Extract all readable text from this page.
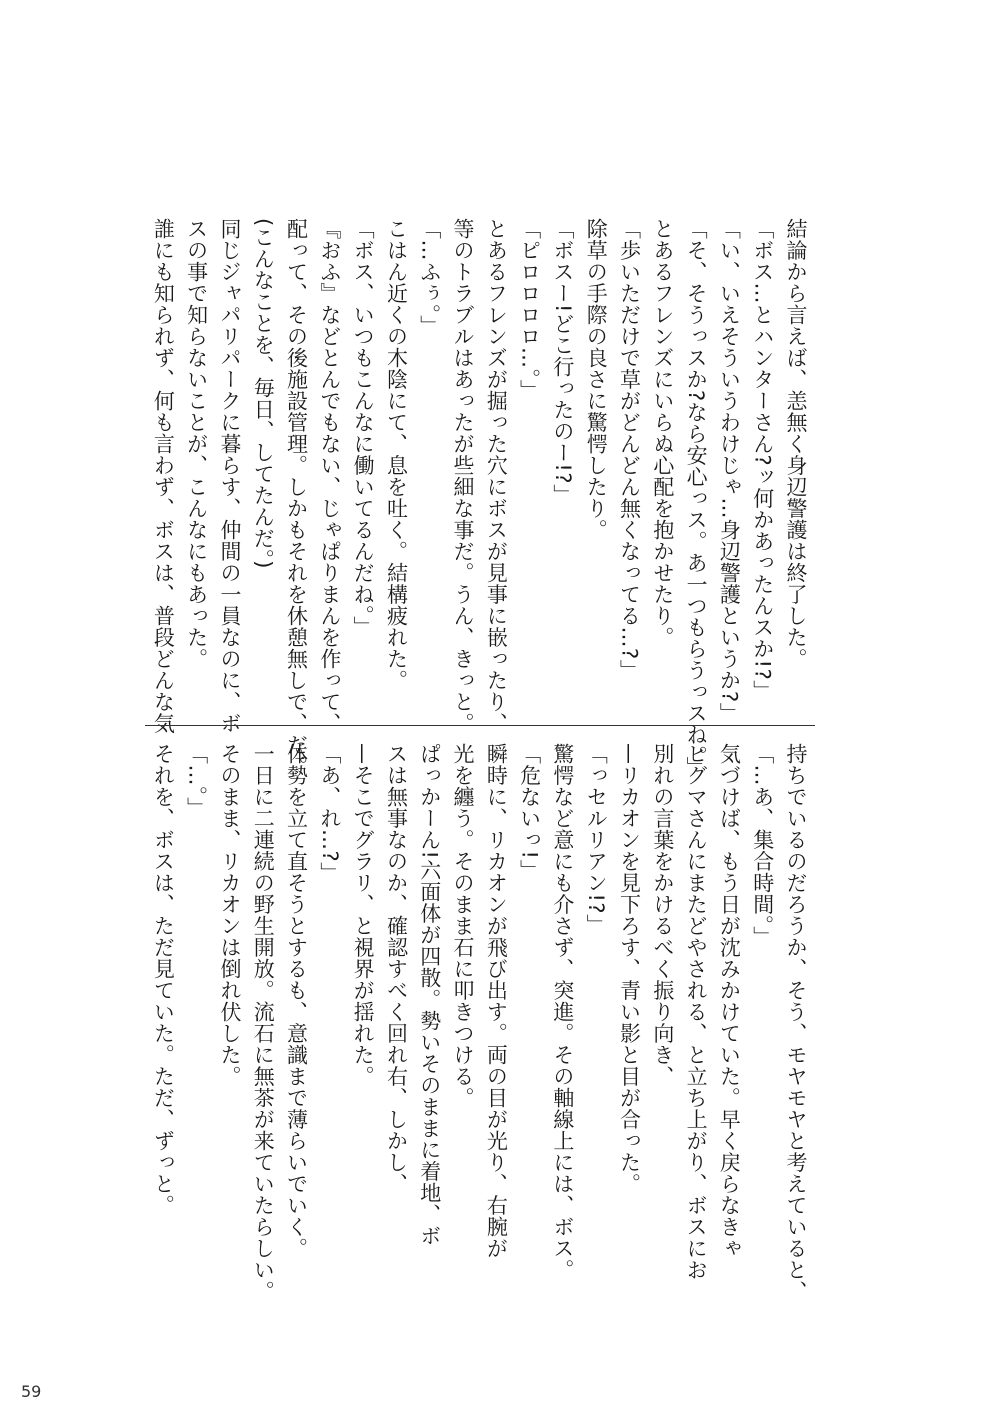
結論から言えば、恙無く身辺警護は終了した。

「ボス…とハンターさん?ッ何かあったんスか!?」

「い、いえそういうわけじゃ…身辺警護というか?」

「そ、そうっスか?なら安心っス。あ一つもらうっスね。」

とあるフレンズにいらぬ心配を抱かせたり。

「歩いただけで草がどんどん無くなってる…?」

除草の手際の良さに驚愕したり。

「ボスー!どこ行ったのー!?」

「ピロロロロ…。」

とあるフレンズが掘った穴にボスが見事に嵌ったり、

等のトラブルはあったが些細な事だ。うん、きっと。

「…ふぅ。」

こはん近くの木陰にて、息を吐く。結構疲れた。

「ボス、いつもこんなに働いてるんだね。」

『おふ』などとんでもない、じゃぱりまんを作って、

配って、その後施設管理。しかもそれを休憩無しで、だ。

(こんなことを、毎日、してたんだ。)

同じジャパリパークに暮らす、仲間の一員なのに、ボ

スの事で知らないことが、こんなにもあった。

誰にも知られず、何も言わず、ボスは、普段どんな気

持ちでいるのだろうか、そう、モヤモヤと考えていると、

「…あ、集合時間。」

気づけば、もう日が沈みかけていた。早く戻らなきゃ

ヒグマさんにまたどやされる、と立ち上がり、ボスにお

別れの言葉をかけるべく振り向き、

—リカオンを見下ろす、青い影と目が合った。

「っセルリアン!?」

驚愕など意にも介さず、突進。その軸線上には、ボス。

「危ないっ!」

瞬時に、リカオンが飛び出す。両の目が光り、右腕が

光を纏う。そのまま石に叩きつける。

ぱっかーん!六面体が四散。勢いそのままに着地、ボ

スは無事なのか、確認すべく回れ右、しかし、

—そこでグラリ、と視界が揺れた。

「あ、れ…?」

体勢を立て直そうとするも、意識まで薄らいでいく。

一日に二連続の野生開放。流石に無茶が来ていたらしい。

そのまま、リカオンは倒れ伏した。

「…。」

それを、ボスは、ただ見ていた。ただ、ずっと。

59
